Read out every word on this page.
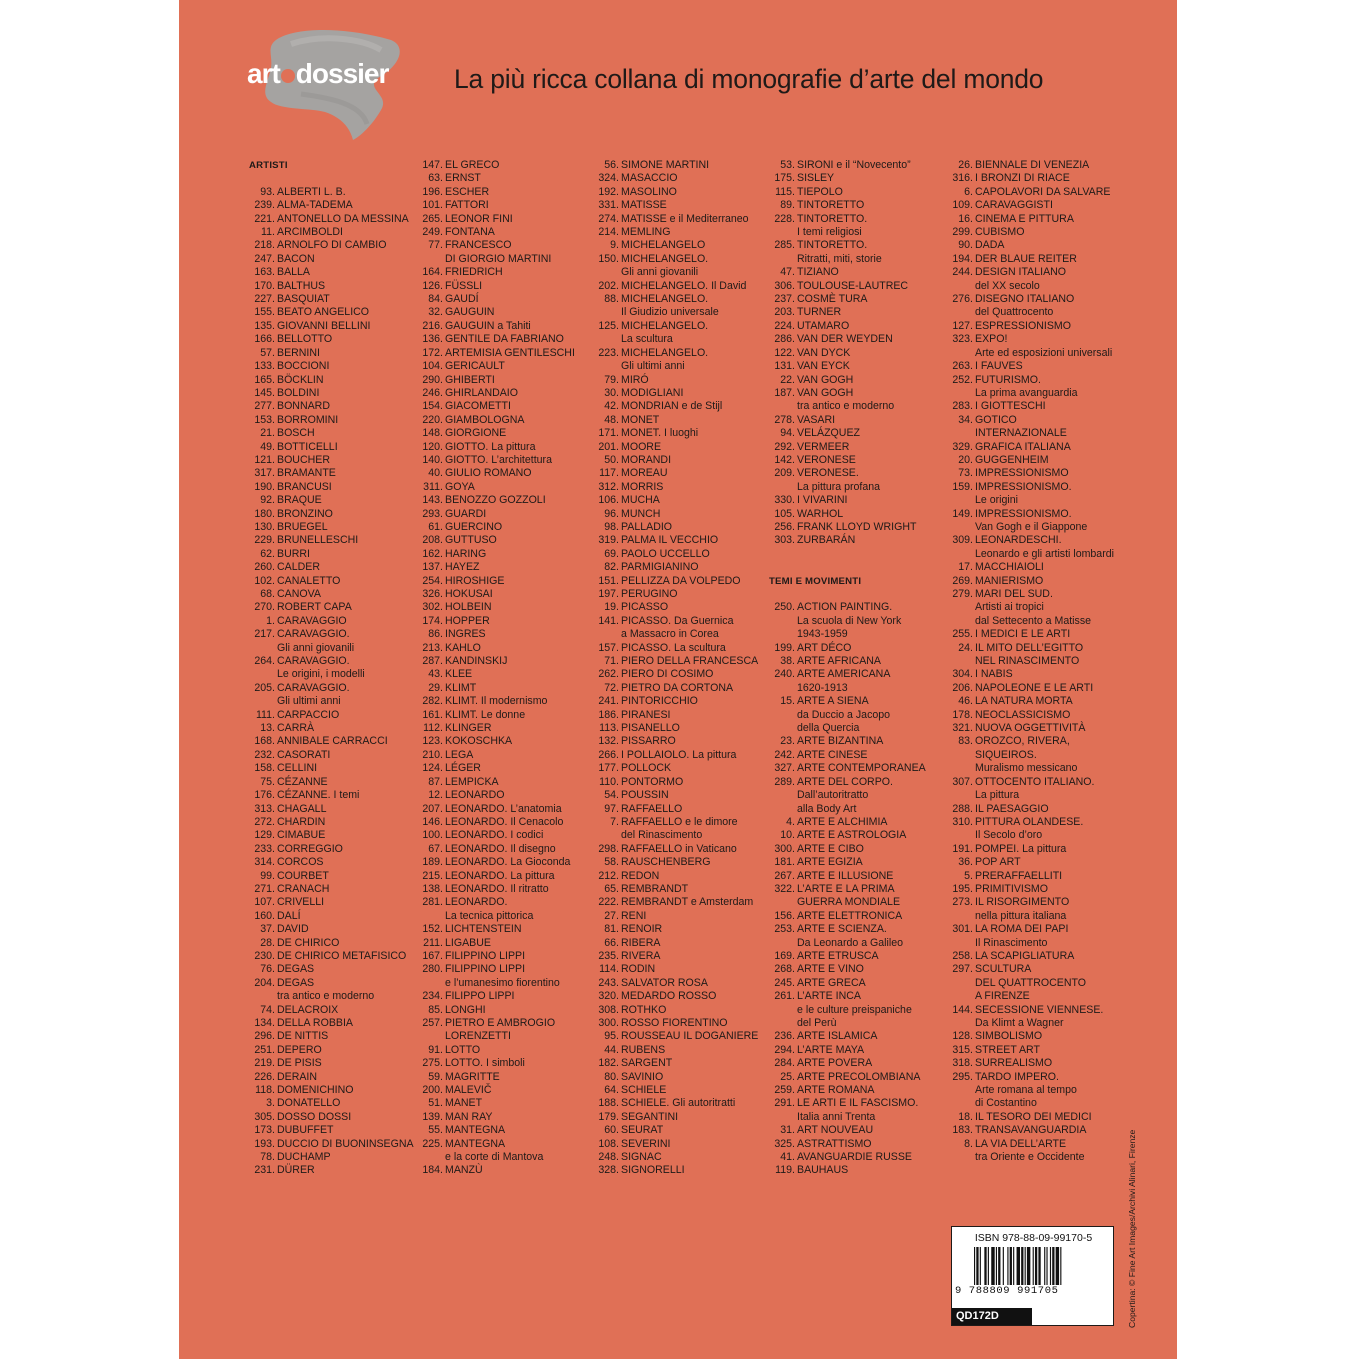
art dossier La più ricca collana di monografie d’arte del mondo
ARTISTI
93. ALBERTI L. B.
239. ALMA-TADEMA
221. ANTONELLO DA MESSINA
11. ARCIMBOLDI
218. ARNOLFO DI CAMBIO
247. BACON
163. BALLA
170. BALTHUS
227. BASQUIAT
155. BEATO ANGELICO
135. GIOVANNI BELLINI
166. BELLOTTO
57. BERNINI
133. BOCCIONI
165. BÖCKLIN
145. BOLDINI
277. BONNARD
153. BORROMINI
21. BOSCH
49. BOTTICELLI
121. BOUCHER
317. BRAMANTE
190. BRANCUSI
92. BRAQUE
180. BRONZINO
130. BRUEGEL
229. BRUNELLESCHI
62. BURRI
260. CALDER
102. CANALETTO
68. CANOVA
270. ROBERT CAPA
1. CARAVAGGIO
217. CARAVAGGIO.
Gli anni giovanili
264. CARAVAGGIO.
Le origini, i modelli
205. CARAVAGGIO.
Gli ultimi anni
111. CARPACCIO
13. CARRÀ
168. ANNIBALE CARRACCI
232. CASORATI
158. CELLINI
75. CÉZANNE
176. CÉZANNE. I temi
313. CHAGALL
272. CHARDIN
129. CIMABUE
233. CORREGGIO
314. CORCOS
99. COURBET
271. CRANACH
107. CRIVELLI
160. DALÍ
37. DAVID
28. DE CHIRICO
230. DE CHIRICO METAFISICO
76. DEGAS
204. DEGAS
tra antico e moderno
74. DELACROIX
134. DELLA ROBBIA
296. DE NITTIS
251. DEPERO
219. DE PISIS
226. DERAIN
118. DOMENICHINO
3. DONATELLO
305. DOSSO DOSSI
173. DUBUFFET
193. DUCCIO DI BUONINSEGNA
78. DUCHAMP
231. DÜRER
147. EL GRECO
63. ERNST
196. ESCHER
101. FATTORI
265. LEONOR FINI
249. FONTANA
77. FRANCESCO
DI GIORGIO MARTINI
164. FRIEDRICH
126. FÜSSLI
84. GAUDÍ
32. GAUGUIN
216. GAUGUIN a Tahiti
136. GENTILE DA FABRIANO
172. ARTEMISIA GENTILESCHI
104. GERICAULT
290. GHIBERTI
246. GHIRLANDAIO
154. GIACOMETTI
220. GIAMBOLOGNA
148. GIORGIONE
120. GIOTTO. La pittura
140. GIOTTO. L’architettura
40. GIULIO ROMANO
311. GOYA
143. BENOZZO GOZZOLI
293. GUARDI
61. GUERCINO
208. GUTTUSO
162. HARING
137. HAYEZ
254. HIROSHIGE
326. HOKUSAI
302. HOLBEIN
174. HOPPER
86. INGRES
213. KAHLO
287. KANDINSKIJ
43. KLEE
29. KLIMT
282. KLIMT. Il modernismo
161. KLIMT. Le donne
112. KLINGER
123. KOKOSCHKA
210. LEGA
124. LÉGER
87. LEMPICKA
12. LEONARDO
207. LEONARDO. L’anatomia
146. LEONARDO. Il Cenacolo
100. LEONARDO. I codici
67. LEONARDO. Il disegno
189. LEONARDO. La Gioconda
215. LEONARDO. La pittura
138. LEONARDO. Il ritratto
281. LEONARDO.
La tecnica pittorica
152. LICHTENSTEIN
211. LIGABUE
167. FILIPPINO LIPPI
280. FILIPPINO LIPPI
e l’umanesimo fiorentino
234. FILIPPO LIPPI
85. LONGHI
257. PIETRO E AMBROGIO
LORENZETTI
91. LOTTO
275. LOTTO. I simboli
59. MAGRITTE
200. MALEVIČ
51. MANET
139. MAN RAY
55. MANTEGNA
225. MANTEGNA
e la corte di Mantova
184. MANZÙ
56. SIMONE MARTINI
324. MASACCIO
192. MASOLINO
331. MATISSE
274. MATISSE e il Mediterraneo
214. MEMLING
9. MICHELANGELO
150. MICHELANGELO.
Gli anni giovanili
202. MICHELANGELO. Il David
88. MICHELANGELO.
Il Giudizio universale
125. MICHELANGELO.
La scultura
223. MICHELANGELO.
Gli ultimi anni
79. MIRÓ
30. MODIGLIANI
42. MONDRIAN e de Stijl
48. MONET
171. MONET. I luoghi
201. MOORE
50. MORANDI
117. MOREAU
312. MORRIS
106. MUCHA
96. MUNCH
98. PALLADIO
319. PALMA IL VECCHIO
69. PAOLO UCCELLO
82. PARMIGIANINO
151. PELLIZZA DA VOLPEDO
197. PERUGINO
19. PICASSO
141. PICASSO. Da Guernica
a Massacro in Corea
157. PICASSO. La scultura
71. PIERO DELLA FRANCESCA
262. PIERO DI COSIMO
72. PIETRO DA CORTONA
241. PINTORICCHIO
186. PIRANESI
113. PISANELLO
132. PISSARRO
266. I POLLAIOLO. La pittura
177. POLLOCK
110. PONTORMO
54. POUSSIN
97. RAFFAELLO
7. RAFFAELLO e le dimore
del Rinascimento
298. RAFFAELLO in Vaticano
58. RAUSCHENBERG
212. REDON
65. REMBRANDT
222. REMBRANDT e Amsterdam
27. RENI
81. RENOIR
66. RIBERA
235. RIVERA
114. RODIN
243. SALVATOR ROSA
320. MEDARDO ROSSO
308. ROTHKO
300. ROSSO FIORENTINO
95. ROUSSEAU IL DOGANIERE
44. RUBENS
182. SARGENT
80. SAVINIO
64. SCHIELE
188. SCHIELE. Gli autoritratti
179. SEGANTINI
60. SEURAT
108. SEVERINI
248. SIGNAC
328. SIGNORELLI
53. SIRONI e il “Novecento”
175. SISLEY
115. TIEPOLO
89. TINTORETTO
228. TINTORETTO.
I temi religiosi
285. TINTORETTO.
Ritratti, miti, storie
47. TIZIANO
306. TOULOUSE-LAUTREC
237. COSMÈ TURA
203. TURNER
224. UTAMARO
286. VAN DER WEYDEN
122. VAN DYCK
131. VAN EYCK
22. VAN GOGH
187. VAN GOGH
tra antico e moderno
278. VASARI
94. VELÁZQUEZ
292. VERMEER
142. VERONESE
209. VERONESE.
La pittura profana
330. I VIVARINI
105. WARHOL
256. FRANK LLOYD WRIGHT
303. ZURBARÁN
TEMI E MOVIMENTI
250. ACTION PAINTING.
La scuola di New York
1943-1959
199. ART DÉCO
38. ARTE AFRICANA
240. ARTE AMERICANA
1620-1913
15. ARTE A SIENA
da Duccio a Jacopo
della Quercia
23. ARTE BIZANTINA
242. ARTE CINESE
327. ARTE CONTEMPORANEA
289. ARTE DEL CORPO.
Dall’autoritratto
alla Body Art
4. ARTE E ALCHIMIA
10. ARTE E ASTROLOGIA
300. ARTE E CIBO
181. ARTE EGIZIA
267. ARTE E ILLUSIONE
322. L’ARTE E LA PRIMA
GUERRA MONDIALE
156. ARTE ELETTRONICA
253. ARTE E SCIENZA.
Da Leonardo a Galileo
169. ARTE ETRUSCA
268. ARTE E VINO
245. ARTE GRECA
261. L’ARTE INCA
e le culture preispaniche
del Perù
236. ARTE ISLAMICA
294. L’ARTE MAYA
284. ARTE POVERA
25. ARTE PRECOLOMBIANA
259. ARTE ROMANA
291. LE ARTI E IL FASCISMO.
Italia anni Trenta
31. ART NOUVEAU
325. ASTRATTISMO
41. AVANGUARDIE RUSSE
119. BAUHAUS
26. BIENNALE DI VENEZIA
316. I BRONZI DI RIACE
6. CAPOLAVORI DA SALVARE
109. CARAVAGGISTI
16. CINEMA E PITTURA
299. CUBISMO
90. DADA
194. DER BLAUE REITER
244. DESIGN ITALIANO
del XX secolo
276. DISEGNO ITALIANO
del Quattrocento
127. ESPRESSIONISMO
323. EXPO!
Arte ed esposizioni universali
263. I FAUVES
252. FUTURISMO.
La prima avanguardia
283. I GIOTTESCHI
34. GOTICO
INTERNAZIONALE
329. GRAFICA ITALIANA
20. GUGGENHEIM
73. IMPRESSIONISMO
159. IMPRESSIONISMO.
Le origini
149. IMPRESSIONISMO.
Van Gogh e il Giappone
309. LEONARDESCHI.
Leonardo e gli artisti lombardi
17. MACCHIAIOLI
269. MANIERISMO
279. MARI DEL SUD.
Artisti ai tropici
dal Settecento a Matisse
255. I MEDICI E LE ARTI
24. IL MITO DELL’EGITTO
NEL RINASCIMENTO
304. I NABIS
206. NAPOLEONE E LE ARTI
46. LA NATURA MORTA
178. NEOCLASSICISMO
321. NUOVA OGGETTIVITÀ
83. OROZCO, RIVERA,
SIQUEIROS.
Muralismo messicano
307. OTTOCENTO ITALIANO.
La pittura
288. IL PAESAGGIO
310. PITTURA OLANDESE.
Il Secolo d’oro
191. POMPEI. La pittura
36. POP ART
5. PRERAFFAELLITI
195. PRIMITIVISMO
273. IL RISORGIMENTO
nella pittura italiana
301. LA ROMA DEI PAPI
Il Rinascimento
258. LA SCAPIGLIATURA
297. SCULTURA
DEL QUATTROCENTO
A FIRENZE
144. SECESSIONE VIENNESE.
Da Klimt a Wagner
128. SIMBOLISMO
315. STREET ART
318. SURREALISMO
295. TARDO IMPERO.
Arte romana al tempo
di Costantino
18. IL TESORO DEI MEDICI
183. TRANSAVANGUARDIA
8. LA VIA DELL’ARTE
tra Oriente e Occidente
ISBN 978-88-09-99170-5
9 788809 991705
QD172D	Copertina: © Fine Art Images/Archivi Alinari, Firenze
